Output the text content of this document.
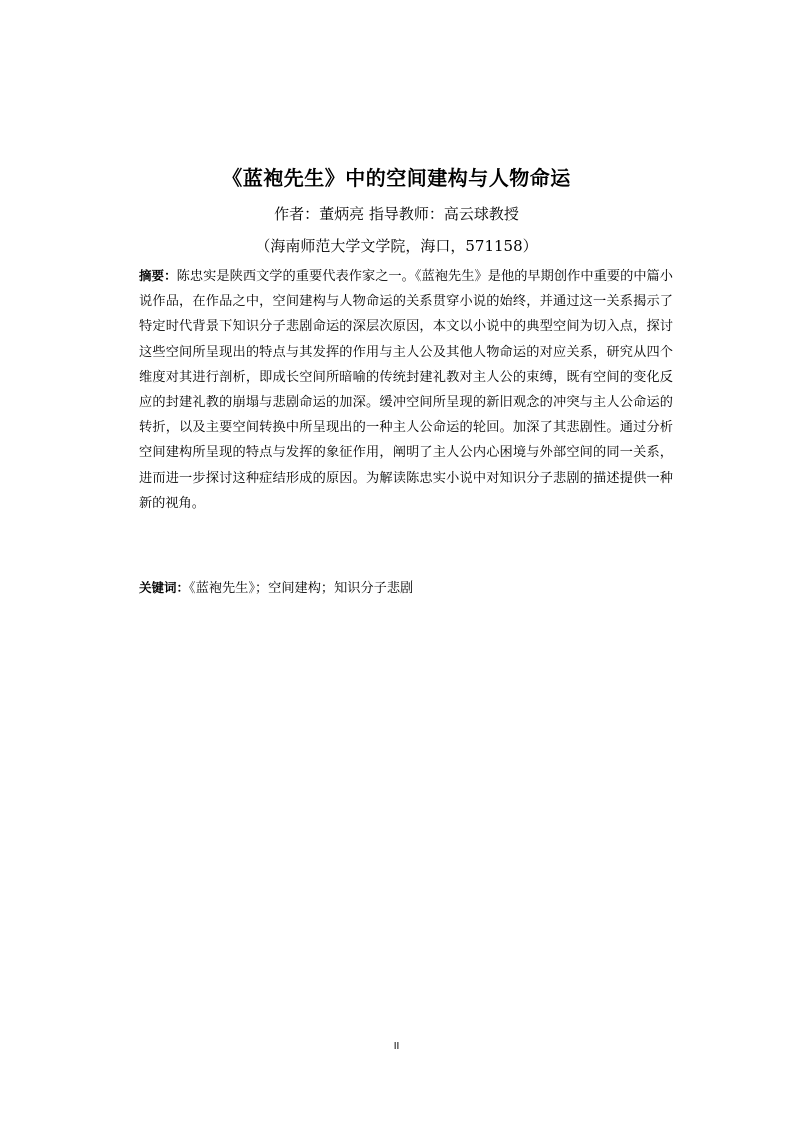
《蓝袍先生》中的空间建构与人物命运
作者：董炳亮 指导教师：高云球教授
（海南师范大学文学院，海口，571158）
摘要：陈忠实是陕西文学的重要代表作家之一。《蓝袍先生》是他的早期创作中重要的中篇小说作品，在作品之中，空间建构与人物命运的关系贯穿小说的始终，并通过这一关系揭示了特定时代背景下知识分子悲剧命运的深层次原因，本文以小说中的典型空间为切入点，探讨这些空间所呈现出的特点与其发挥的作用与主人公及其他人物命运的对应关系，研究从四个维度对其进行剖析，即成长空间所暗喻的传统封建礼教对主人公的束缚，既有空间的变化反应的封建礼教的崩塌与悲剧命运的加深。缓冲空间所呈现的新旧观念的冲突与主人公命运的转折，以及主要空间转换中所呈现出的一种主人公命运的轮回。加深了其悲剧性。通过分析空间建构所呈现的特点与发挥的象征作用，阐明了主人公内心困境与外部空间的同一关系，进而进一步探讨这种症结形成的原因。为解读陈忠实小说中对知识分子悲剧的描述提供一种新的视角。
关键词：《蓝袍先生》；空间建构；知识分子悲剧
II
